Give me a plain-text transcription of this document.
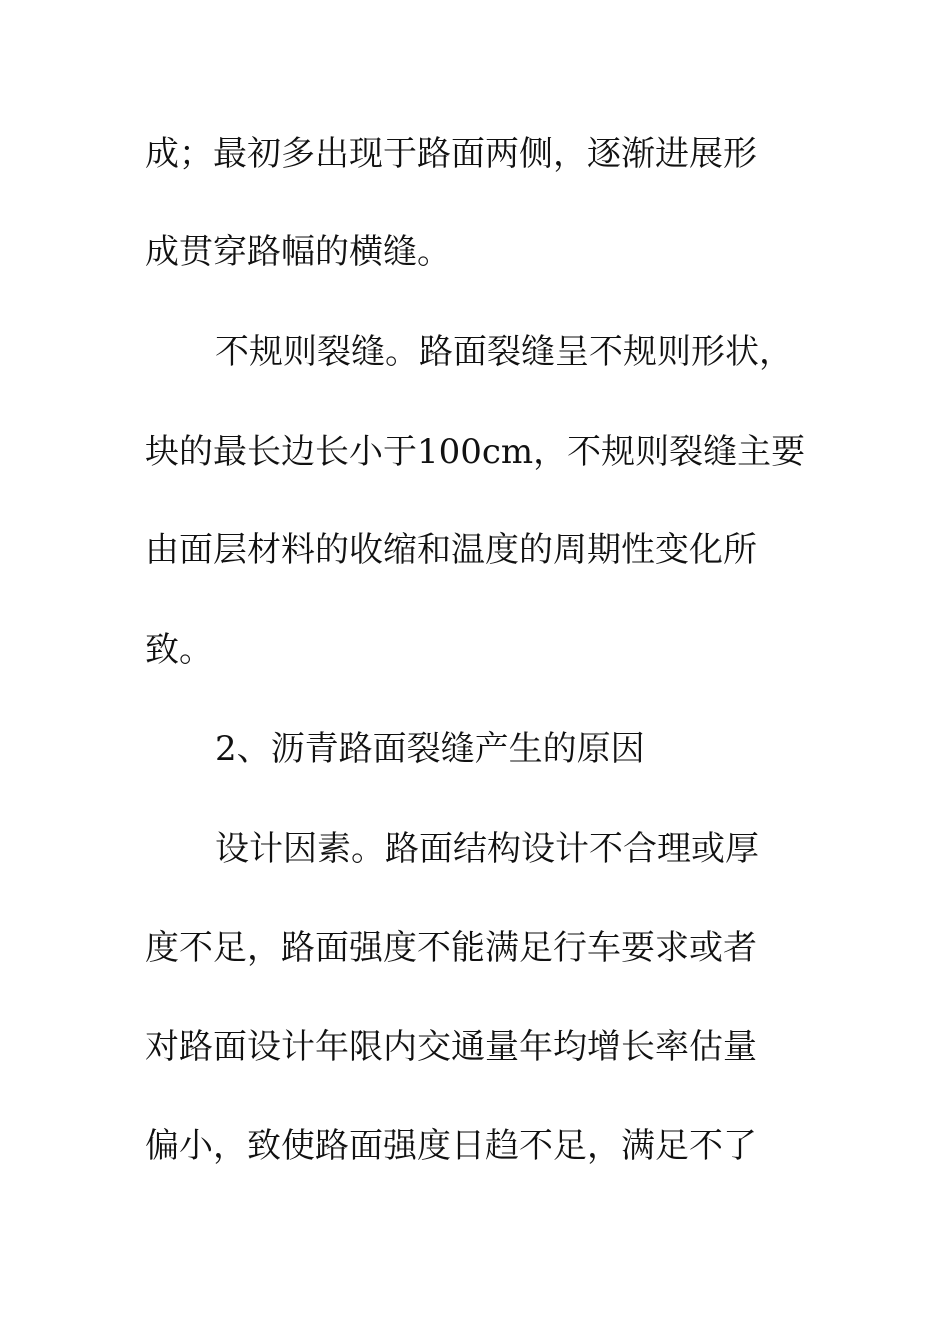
成；最初多出现于路面两侧，逐渐进展形
成贯穿路幅的横缝。
不规则裂缝。路面裂缝呈不规则形状，
块的最长边长小于100cm，不规则裂缝主要
由面层材料的收缩和温度的周期性变化所
致。
2、沥青路面裂缝产生的原因
设计因素。路面结构设计不合理或厚
度不足，路面强度不能满足行车要求或者
对路面设计年限内交通量年均增长率估量
偏小，致使路面强度日趋不足，满足不了
